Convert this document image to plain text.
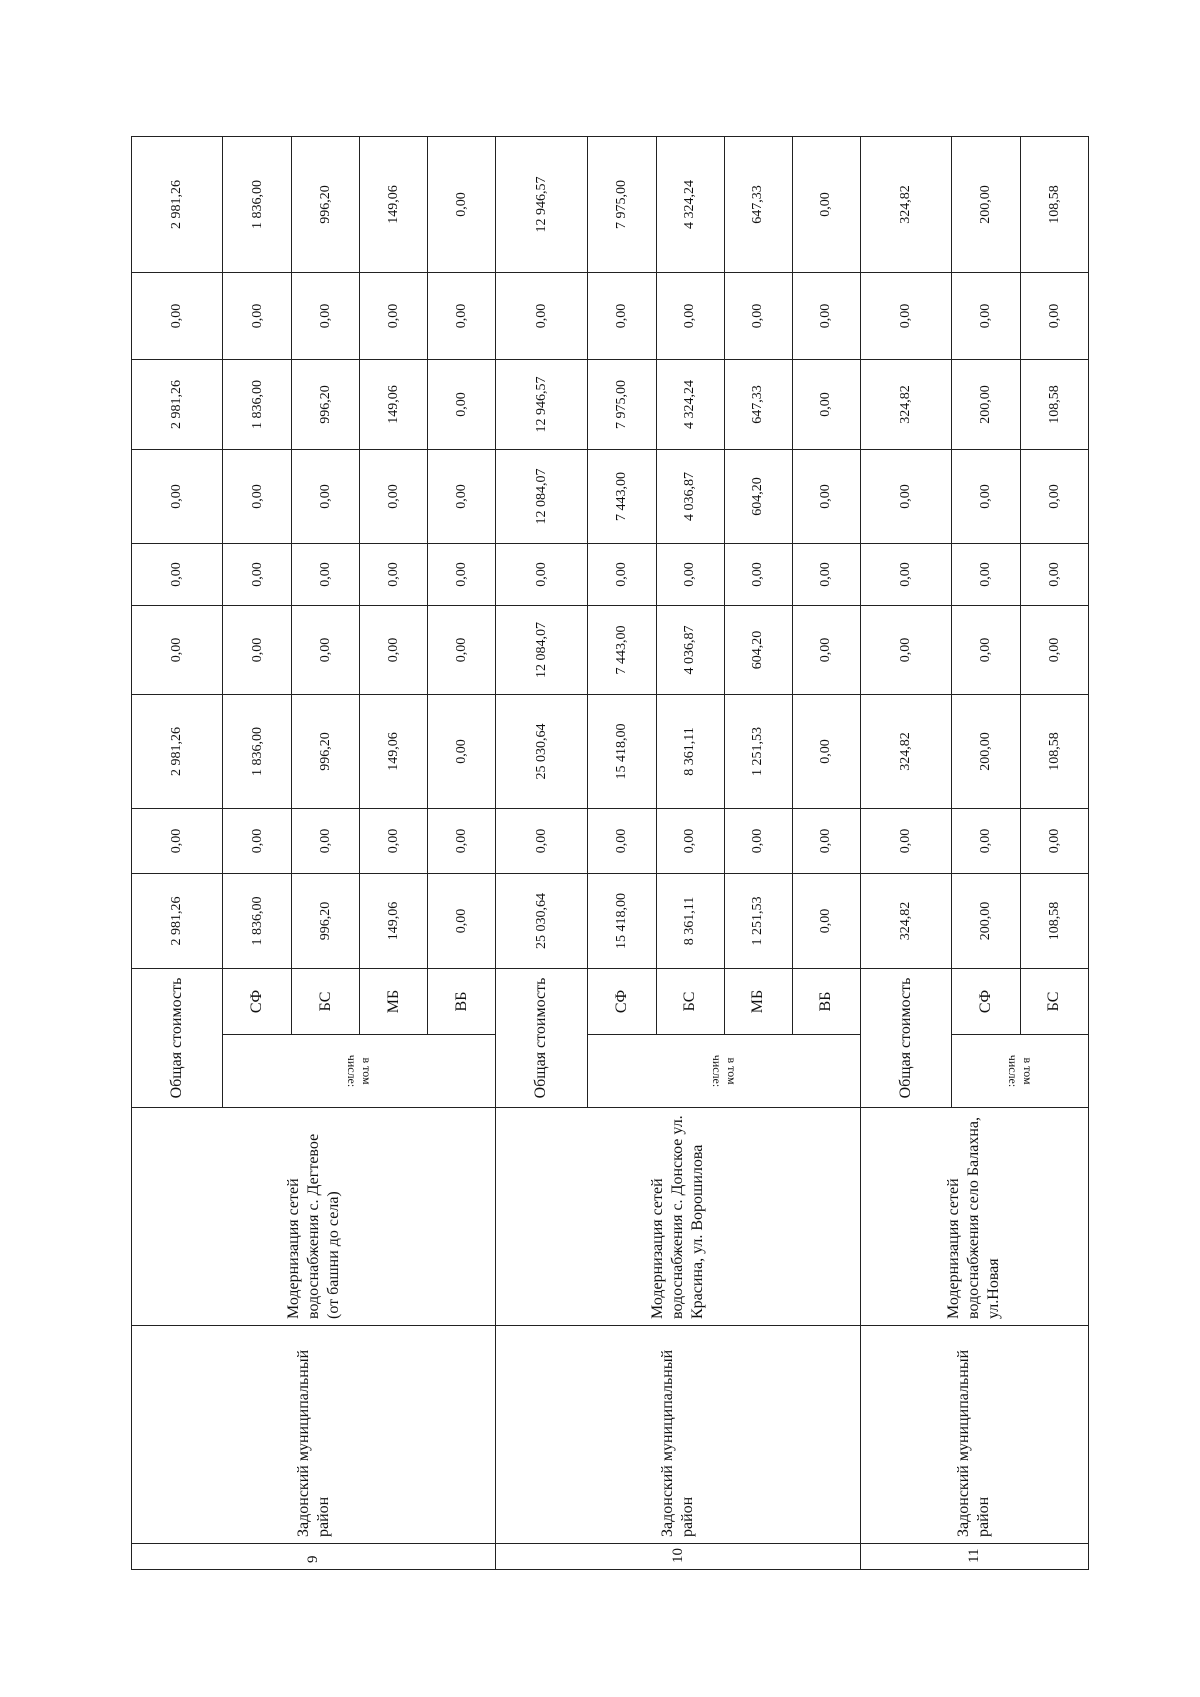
9	Задонский муниципальный район	Модернизация сетей водоснабжения с. Дегтевое (от башни до села)	Общая стоимость		2 981,26	0,00	2 981,26	0,00	0,00	0,00	2 981,26	0,00	2 981,26
			в том числе:	СФ	1 836,00	0,00	1 836,00	0,00	0,00	0,00	1 836,00	0,00	1 836,00
				БС	996,20	0,00	996,20	0,00	0,00	0,00	996,20	0,00	996,20
				МБ	149,06	0,00	149,06	0,00	0,00	0,00	149,06	0,00	149,06
				ВБ	0,00	0,00	0,00	0,00	0,00	0,00	0,00	0,00	0,00
10	Задонский муниципальный район	Модернизация сетей водоснабжения с. Донское ул. Красина, ул. Ворошилова	Общая стоимость		25 030,64	0,00	25 030,64	12 084,07	0,00	12 084,07	12 946,57	0,00	12 946,57
			в том числе:	СФ	15 418,00	0,00	15 418,00	7 443,00	0,00	7 443,00	7 975,00	0,00	7 975,00
				БС	8 361,11	0,00	8 361,11	4 036,87	0,00	4 036,87	4 324,24	0,00	4 324,24
				МБ	1 251,53	0,00	1 251,53	604,20	0,00	604,20	647,33	0,00	647,33
				ВБ	0,00	0,00	0,00	0,00	0,00	0,00	0,00	0,00	0,00
11	Задонский муниципальный район	Модернизация сетей водоснабжения село Балахна, ул.Новая	Общая стоимость		324,82	0,00	324,82	0,00	0,00	0,00	324,82	0,00	324,82
			в том числе:	СФ	200,00	0,00	200,00	0,00	0,00	0,00	200,00	0,00	200,00
				БС	108,58	0,00	108,58	0,00	0,00	0,00	108,58	0,00	108,58
